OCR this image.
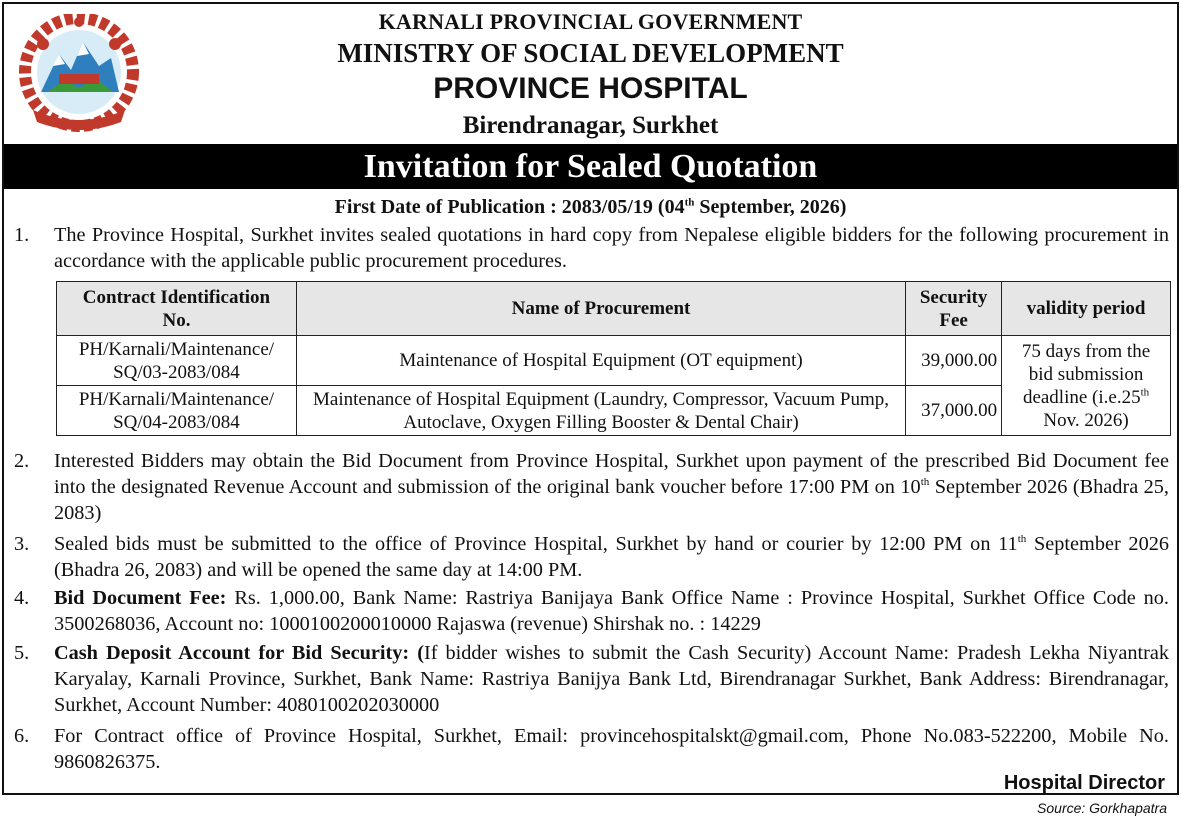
KARNALI PROVINCIAL GOVERNMENT
MINISTRY OF SOCIAL DEVELOPMENT
PROVINCE HOSPITAL
Birendranagar, Surkhet
Invitation for Sealed Quotation
First Date of Publication : 2083/05/19 (04th September, 2026)
1.	The Province Hospital, Surkhet invites sealed quotations in hard copy from Nepalese eligible bidders for the following procurement in accordance with the applicable public procurement procedures.
Contract Identification No.	Name of Procurement	Security Fee	validity period

PH/Karnali/Maintenance/
SQ/03-2083/084	Maintenance of Hospital Equipment (OT equipment)	39,000.00	75 days from the bid submission deadline (i.e.25th Nov. 2026)

PH/Karnali/Maintenance/
SQ/04-2083/084	Maintenance of Hospital Equipment (Laundry, Compressor, Vacuum Pump, Autoclave, Oxygen Filling Booster & Dental Chair)	37,000.00	
2.	Interested Bidders may obtain the Bid Document from Province Hospital, Surkhet upon payment of the prescribed Bid Document fee into the designated Revenue Account and submission of the original bank voucher before 17:00 PM on 10th September 2026 (Bhadra 25, 2083)
3.	Sealed bids must be submitted to the office of Province Hospital, Surkhet by hand or courier by 12:00 PM on 11th September 2026 (Bhadra 26, 2083) and will be opened the same day at 14:00 PM.
4.	Bid Document Fee: Rs. 1,000.00, Bank Name: Rastriya Banijaya Bank Office Name : Province Hospital, Surkhet Office Code no. 3500268036, Account no: 1000100200010000 Rajaswa (revenue) Shirshak no. : 14229
5.	Cash Deposit Account for Bid Security: (If bidder wishes to submit the Cash Security) Account Name: Pradesh Lekha Niyantrak Karyalay, Karnali Province, Surkhet, Bank Name: Rastriya Banijya Bank Ltd, Birendranagar Surkhet, Bank Address: Birendranagar, Surkhet, Account Number: 4080100202030000
6.	For Contract office of Province Hospital, Surkhet, Email: provincehospitalskt@gmail.com, Phone No.083-522200, Mobile No. 9860826375.
Hospital Director
Source: Gorkhapatra
